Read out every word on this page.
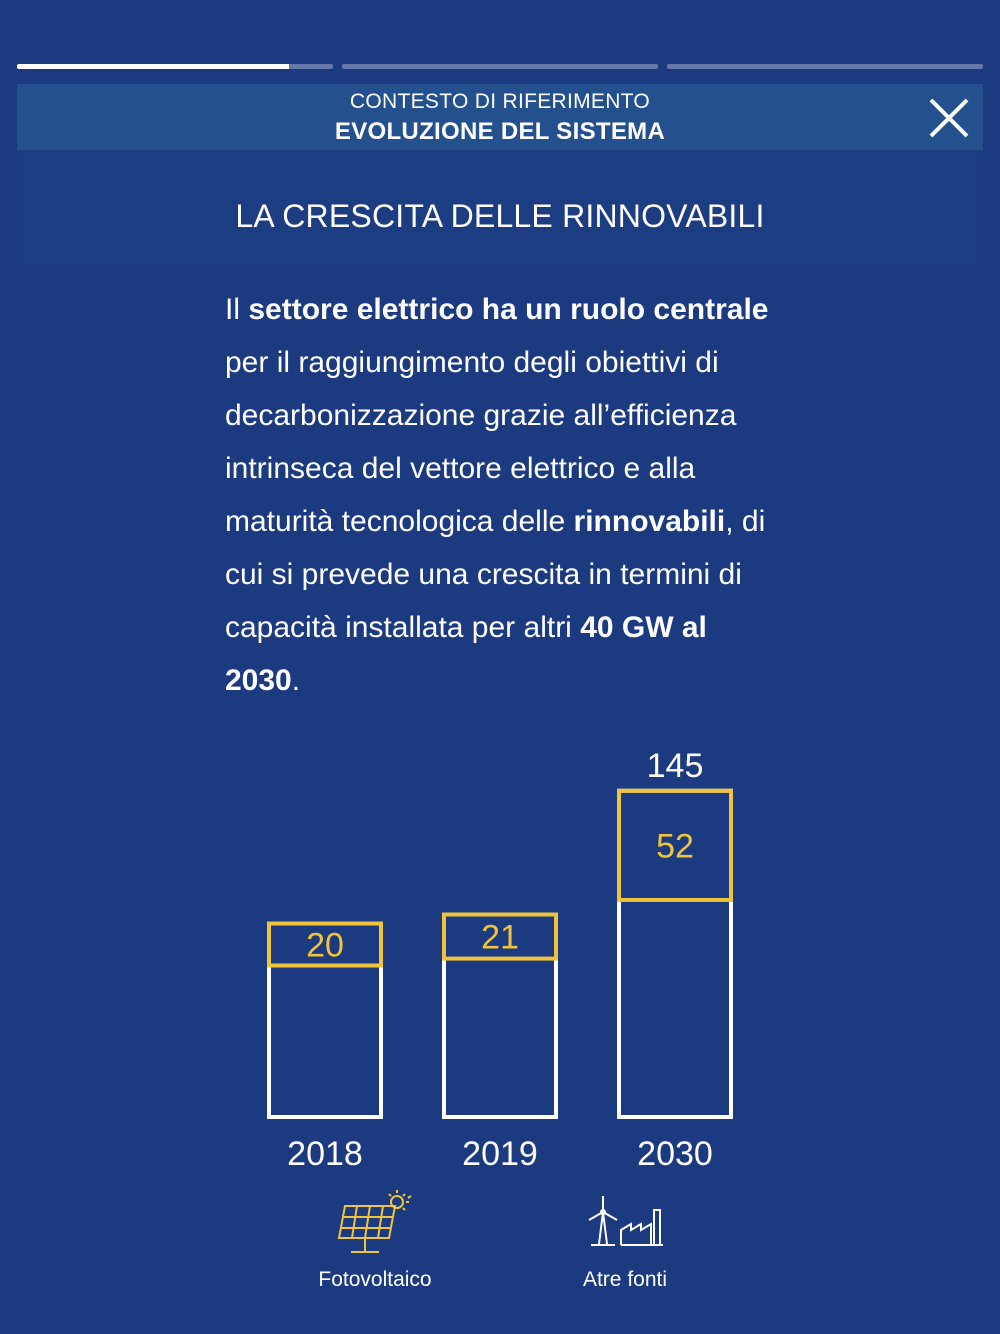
CONTESTO DI RIFERIMENTO
EVOLUZIONE DEL SISTEMA
LA CRESCITA DELLE RINNOVABILI

Il settore elettrico ha un ruolo centrale per il raggiungimento degli obiettivi di decarbonizzazione grazie all’efficienza intrinseca del vettore elettrico e alla maturità tecnologica delle rinnovabili, di cui si prevede una crescita in termini di capacità installata per altri 40 GW al 2030.

20
2018
21
2019
52
145
2030
Fotovoltaico	Atre fonti
